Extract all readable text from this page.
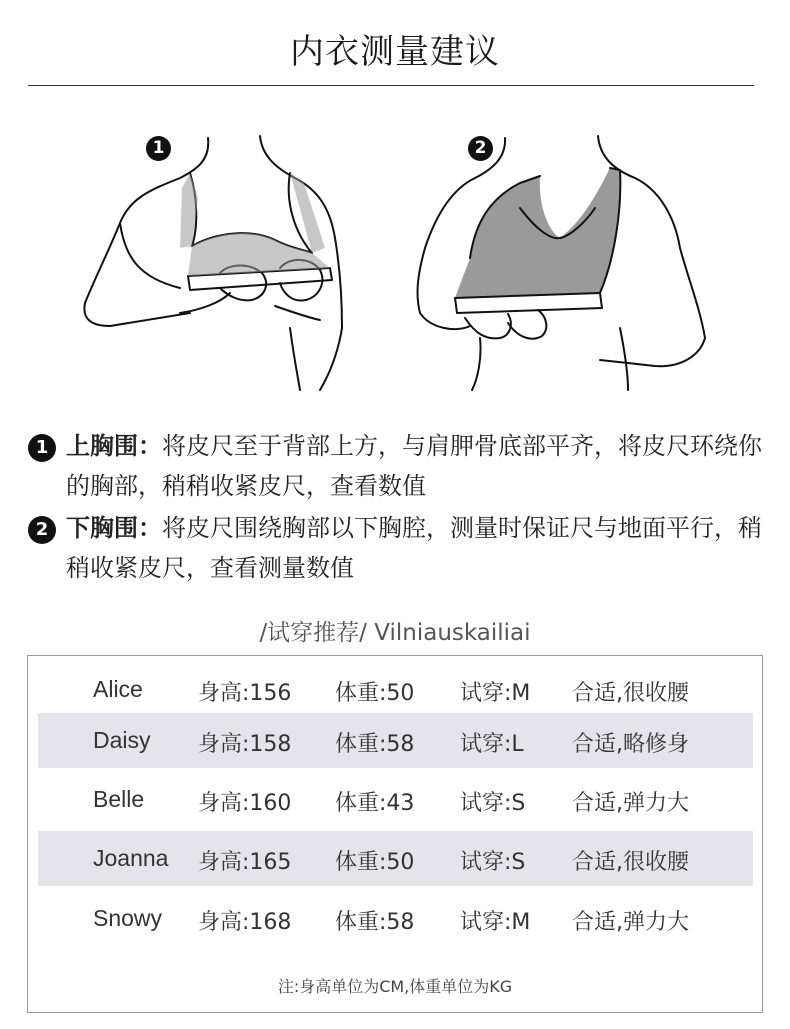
内衣测量建议
1	2
1 上胸围：将皮尺至于背部上方，与肩胛骨底部平齐，将皮尺环绕你的胸部，稍稍收紧皮尺，查看数值
2 下胸围：将皮尺围绕胸部以下胸腔，测量时保证尺与地面平行，稍稍收紧皮尺，查看测量数值
/试穿推荐/ Vilniauskailiai
Alice	身高:156 体重:50 试穿:M 合适,很收腰
Daisy 身高:158 体重:58 试穿:L 合适,略修身
Belle 身高:160 体重:43 试穿:S 合适,弹力大
Joanna 身高:165 体重:50 试穿:S 合适,很收腰
Snowy 身高:168 体重:58 试穿:M 合适,弹力大
注:身高单位为CM,体重单位为KG
